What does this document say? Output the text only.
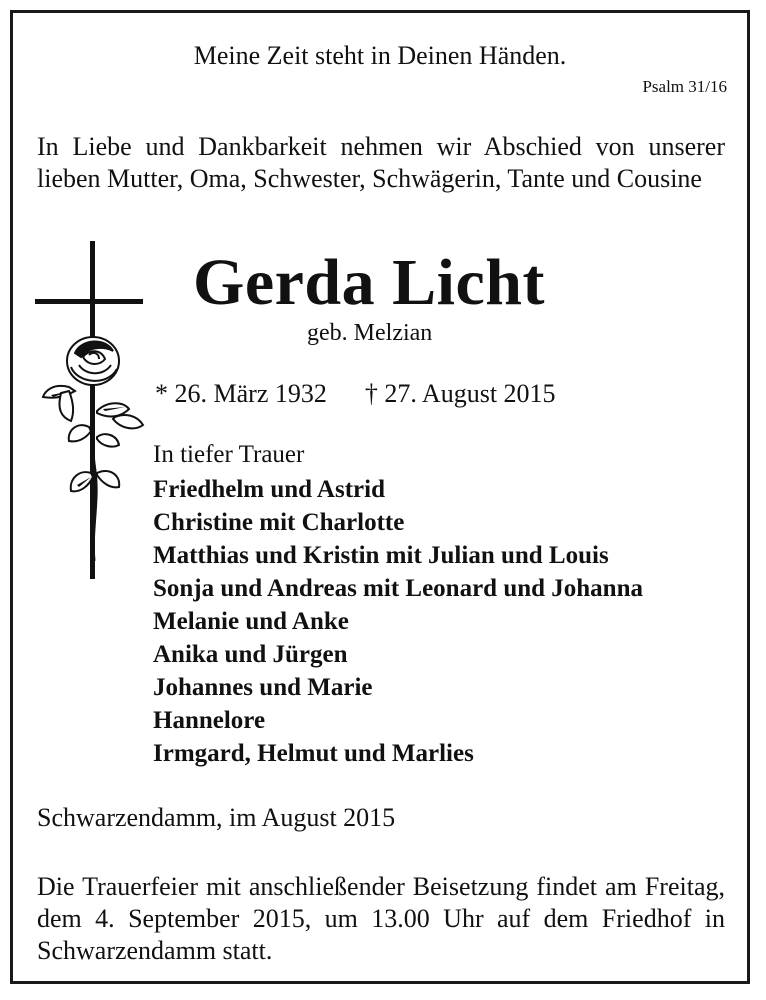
Meine Zeit steht in Deinen Händen.
Psalm 31/16
In Liebe und Dankbarkeit nehmen wir Abschied von unserer lieben Mutter, Oma, Schwester, Schwägerin, Tante und Cousine
Gerda Licht
geb. Melzian
* 26. März 1932 † 27. August 2015
In tiefer Trauer
Friedhelm und Astrid
Christine mit Charlotte
Matthias und Kristin mit Julian und Louis
Sonja und Andreas mit Leonard und Johanna
Melanie und Anke
Anika und Jürgen
Johannes und Marie
Hannelore
Irmgard, Helmut und Marlies
Schwarzendamm, im August 2015
Die Trauerfeier mit anschließender Beisetzung findet am Freitag, dem 4. September 2015, um 13.00 Uhr auf dem Friedhof in Schwarzendamm statt.
